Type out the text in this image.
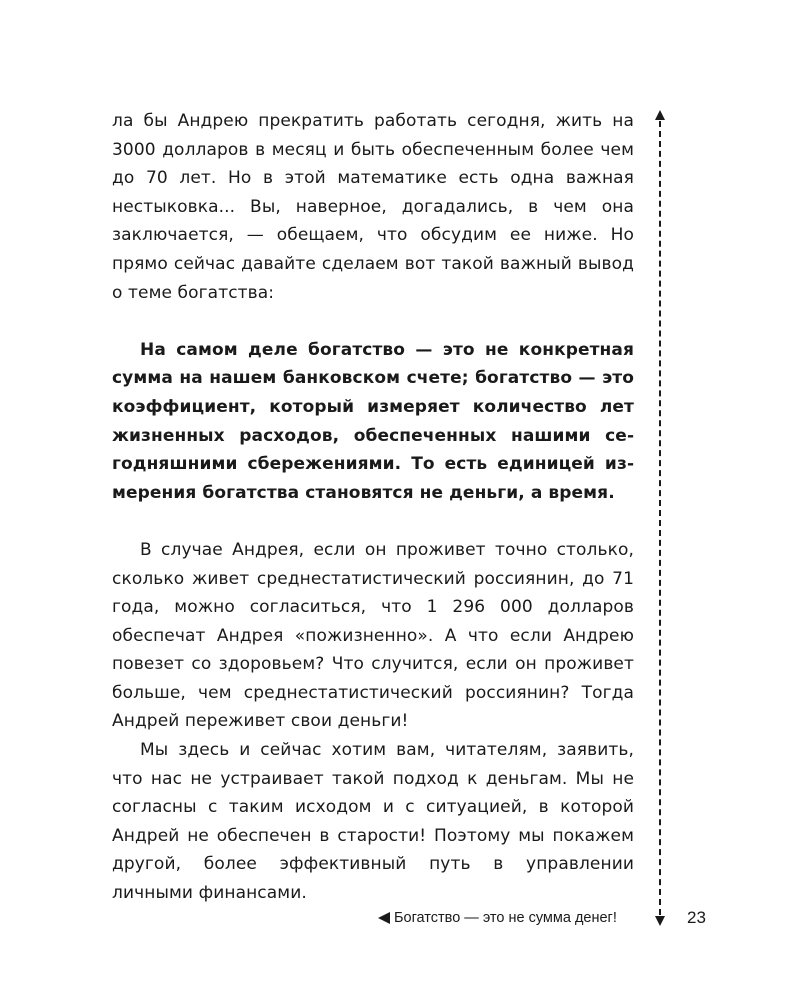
ла бы Андрею прекратить работать сегодня, жить на 3000 долларов в месяц и быть обеспеченным более чем до 70 лет. Но в этой математике есть одна важная нестыковка... Вы, наверное, догадались, в чем она заключается, — обещаем, что обсудим ее ниже. Но прямо сейчас давайте сделаем вот такой важный вывод о теме богатства:

На самом деле богатство — это не конкретная сумма на нашем банковском счете; богатство — это коэффициент, который измеряет количество лет жизненных расходов, обеспеченных нашими сегодняшними сбережениями. То есть единицей измерения богатства становятся не деньги, а время.

В случае Андрея, если он проживет точно столько, сколько живет среднестатистический россиянин, до 71 года, можно согласиться, что 1 296 000 долларов обеспечат Андрея «пожизненно». А что если Андрею повезет со здоровьем? Что случится, если он проживет больше, чем среднестатистический россиянин? Тогда Андрей переживет свои деньги!

Мы здесь и сейчас хотим вам, читателям, заявить, что нас не устраивает такой подход к деньгам. Мы не согласны с таким исходом и с ситуацией, в которой Андрей не обеспечен в старости! Поэтому мы покажем другой, более эффективный путь в управлении личными финансами.

Богатство — это не сумма денег!	23
